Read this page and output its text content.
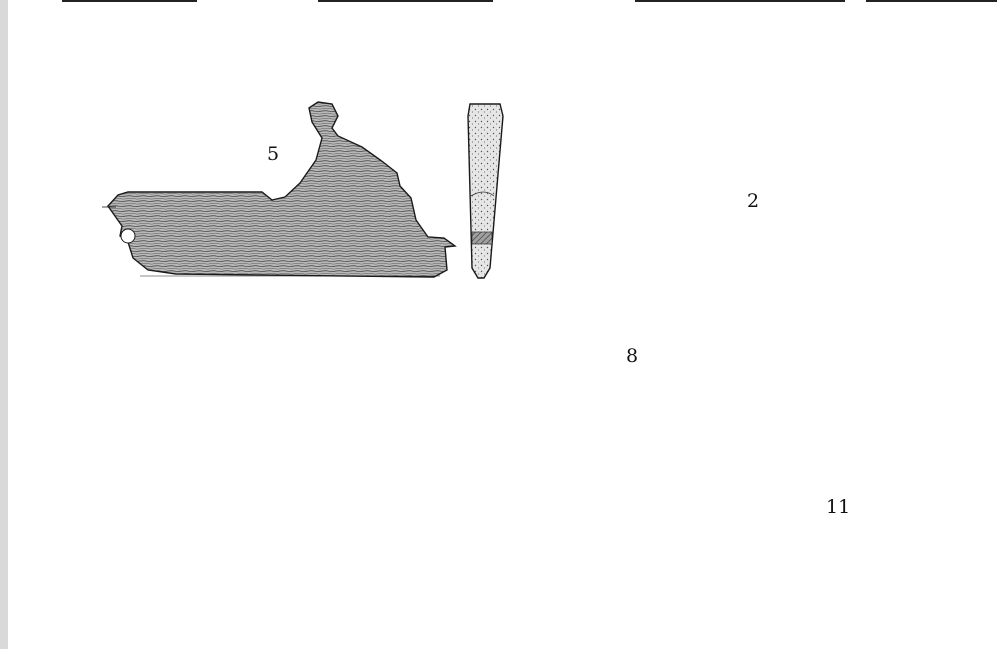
5
2
8
11
